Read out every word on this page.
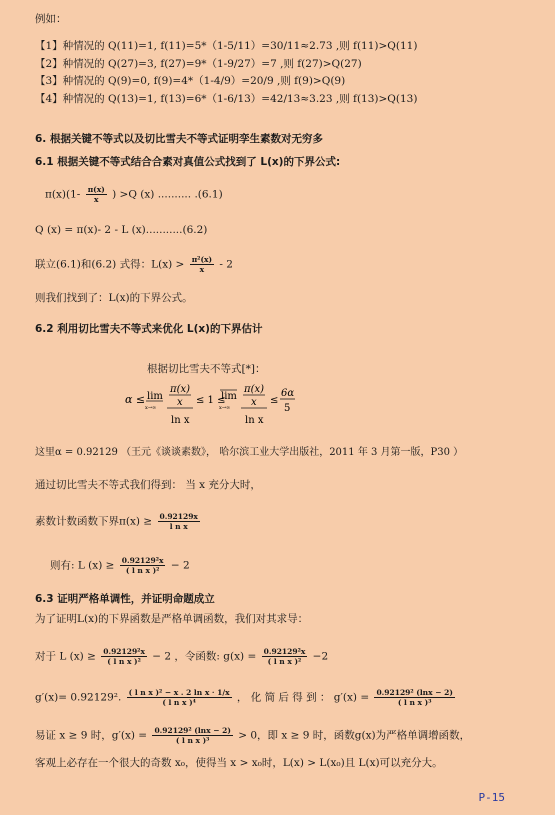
例如：
【1】种情况的 Q(11)=1, f(11)=5*（1-5/11）=30/11≈2.73 ,则 f(11)>Q(11)
【2】种情况的 Q(27)=3, f(27)=9*（1-9/27）=7 ,则 f(27)>Q(27)
【3】种情况的 Q(9)=0, f(9)=4*（1-4/9）=20/9 ,则 f(9)>Q(9)
【4】种情况的 Q(13)=1, f(13)=6*（1-6/13）=42/13≈3.23 ,则 f(13)>Q(13)
6. 根据关键不等式以及切比雪夫不等式证明孪生素数对无穷多
6.1 根据关键不等式结合合素对真值公式找到了 L(x)的下界公式:
$\pi(x)(1- \frac{\pi(x)}{x}$ ) >Q (x) .......... .(6.1)
Q (x) = π(x)- 2 - L (x)...........(6.2)
联立(6.1)和(6.2) 式得：$L(x) > \frac{\text{π²(x)}}{x} - 2$
则我们找到了：L(x)的下界公式。
6.2 利用切比雪夫不等式来优化 L(x)的下界估计
根据切比雪夫不等式[*]：
α ≤ lim
x→∞
π(x)
x
ln x
≤ 1 ≤
lim
x→∞
π(x)
x
ln x
≤
6α
5
这里α = 0.92129 （王元《谈谈素数》， 哈尔滨工业大学出版社，2011 年 3 月第一版，P30 ）
通过切比雪夫不等式我们得到： 当 x 充分大时，
素数计数函数下界$\pi(x) \ge \frac{0.92129x}{\text{l n x}}$
则有: L $(x) \ge \frac{\text{0.92129²x}}{\text{( l n x )²}} - 2$
6.3 证明严格单调性，并证明命题成立
为了证明L(x)的下界函数是严格单调函数，我们对其求导：
对于 L $(x) \ge \frac{\text{0.92129²x}}{\text{( l n x )²}} - 2$ ，令函数: $g(x) = \frac{\text{0.92129²x}}{\text{( l n x )²}} -2$
g′(x)= 0.92129². $\frac{\text{( l n x )² − x . 2 ln x · 1/x}}{\text{( l n x )⁴}}$ ， 化 简 后 得 到 ： $g'(x) = \frac{\text{0.92129² (lnx − 2)}}{\text{( l n x )³}}$
易证 x ≥ 9 时，$g'(x) = \frac{\text{0.92129² (lnx − 2)}}{\text{( l n x )³}} > 0$，即 x ≥ 9 时，函数g(x)为严格单调增函数，
客观上必存在一个很大的奇数 x₀，使得当 x > x₀时，L(x) > L(x₀)且 L(x)可以充分大。
P-15
